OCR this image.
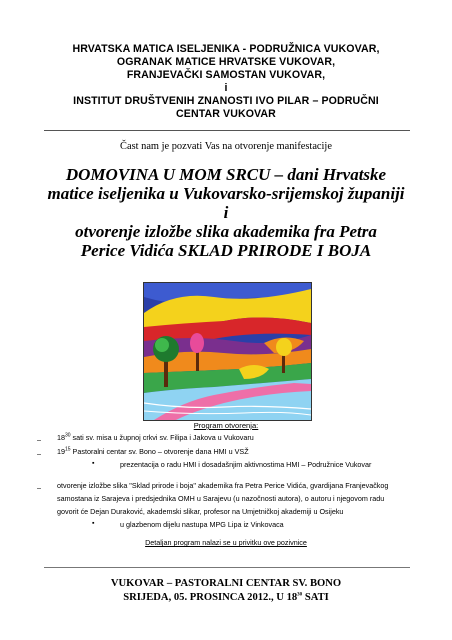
HRVATSKA MATICA ISELJENIKA - PODRUŽNICA VUKOVAR,
OGRANAK MATICE HRVATSKE VUKOVAR,
FRANJEVAČKI SAMOSTAN VUKOVAR,
i
INSTITUT DRUŠTVENIH ZNANOSTI IVO PILAR – PODRUČNI
CENTAR VUKOVAR
Čast nam je pozvati Vas na otvorenje manifestacije
DOMOVINA U MOM SRCU – dani Hrvatske
matice iseljenika u Vukovarsko-srijemskoj županiji
i
otvorenje izložbe slika akademika fra Petra
Perice Vidića SKLAD PRIRODE I BOJA
Program otvorenja:
– $18^{30}$ sati sv. misa u župnoj crkvi sv. Filipa i Jakova u Vukovaru
– $19^{15}$ Pastoralni centar sv. Bono – otvorenje dana HMI u VSŽ
▪	prezentacija o radu HMI i dosadašnjim aktivnostima HMI – Podružnice Vukovar
– otvorenje izložbe slika "Sklad prirode i boja" akademika fra Petra Perice Vidića, gvardijana Franjevačkog
samostana iz Sarajeva i predsjednika OMH u Sarajevu (u nazočnosti autora), o autoru i njegovom radu
govorit će Dejan Duraković, akademski slikar, profesor na Umjetničkoj akademiji u Osijeku
▪	u glazbenom dijelu nastupa MPG Lipa iz Vinkovaca
Detaljan program nalazi se u privitku ove pozivnice
VUKOVAR – PASTORALNI CENTAR SV. BONO
SRIJEDA, 05. PROSINCA 2012., U $18^{30}$ SATI
